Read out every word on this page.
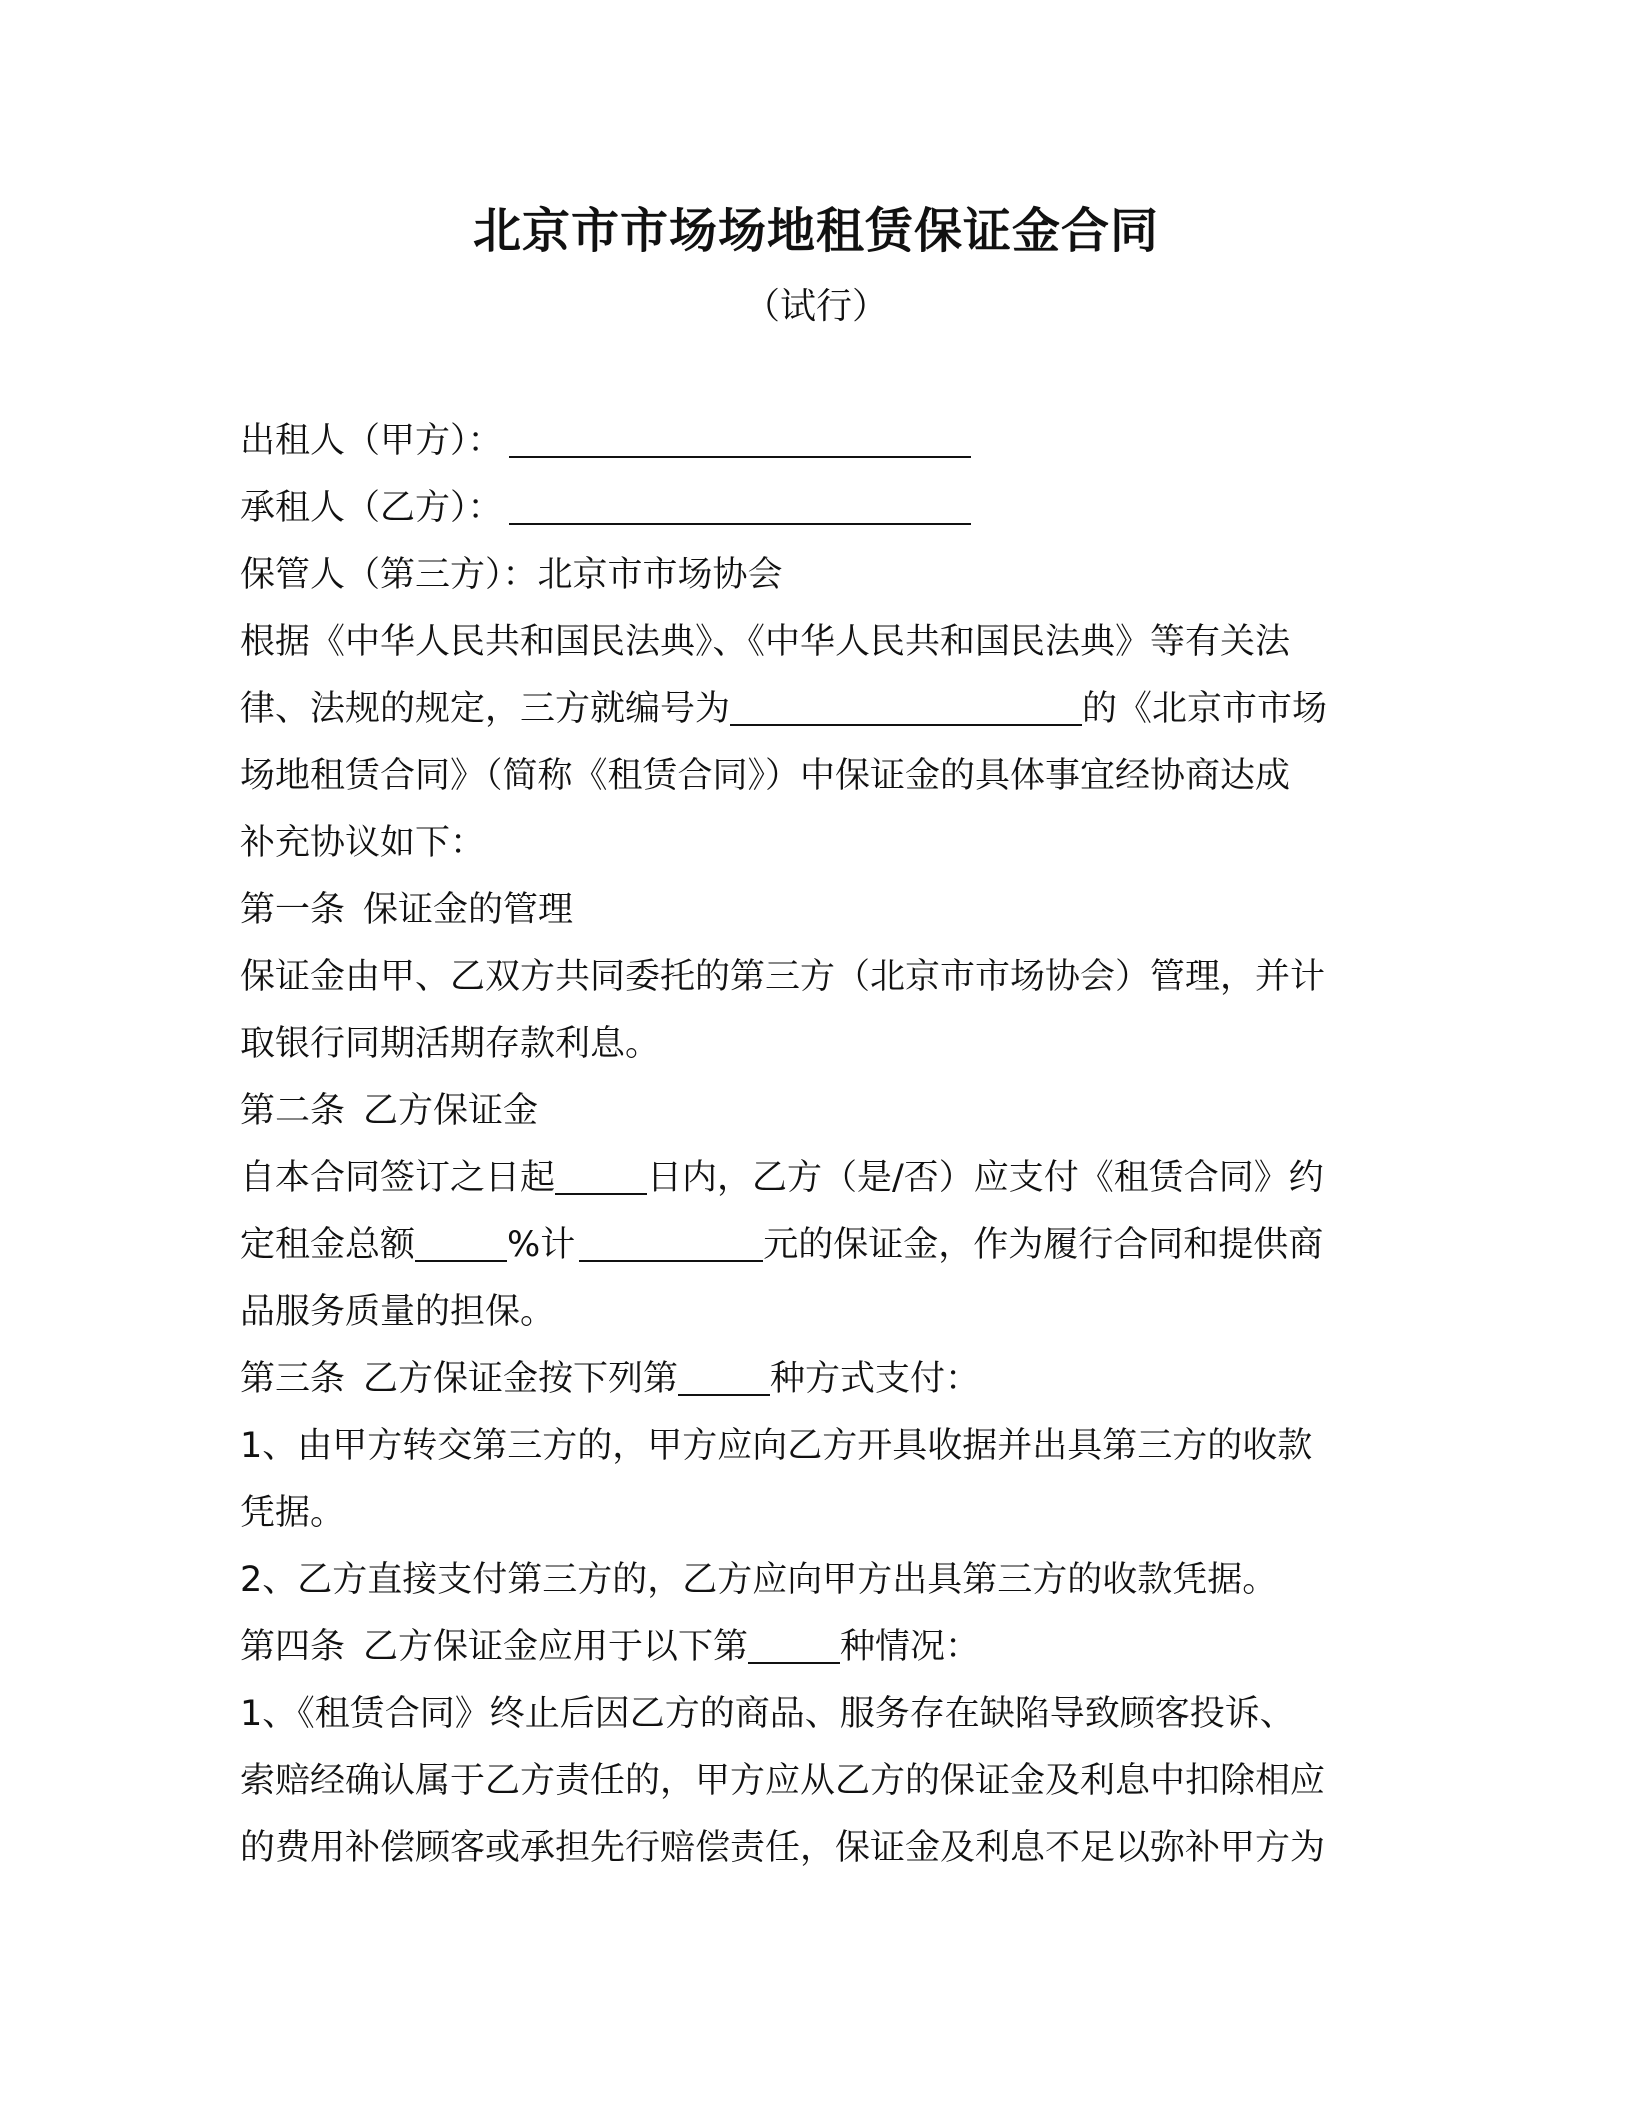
北京市市场场地租赁保证金合同
（试行）
出租人（甲方）：
承租人（乙方）：
保管人（第三方）：北京市市场协会
根据《中华人民共和国民法典》、《中华人民共和国民法典》等有关法
律、法规的规定，三方就编号为	的《北京市市场
场地租赁合同》（简称《租赁合同》）中保证金的具体事宜经协商达成
补充协议如下：
第一条 保证金的管理
保证金由甲、乙双方共同委托的第三方（北京市市场协会）管理，并计
取银行同期活期存款利息。
第二条 乙方保证金
自本合同签订之日起	日内，乙方（是/否）应支付《租赁合同》约
定租金总额	%计	元的保证金，作为履行合同和提供商
品服务质量的担保。
第三条 乙方保证金按下列第	种方式支付：
1、由甲方转交第三方的，甲方应向乙方开具收据并出具第三方的收款
凭据。
2、乙方直接支付第三方的，乙方应向甲方出具第三方的收款凭据。
第四条 乙方保证金应用于以下第	种情况：
1、《租赁合同》终止后因乙方的商品、服务存在缺陷导致顾客投诉、
索赔经确认属于乙方责任的，甲方应从乙方的保证金及利息中扣除相应
的费用补偿顾客或承担先行赔偿责任，保证金及利息不足以弥补甲方为
